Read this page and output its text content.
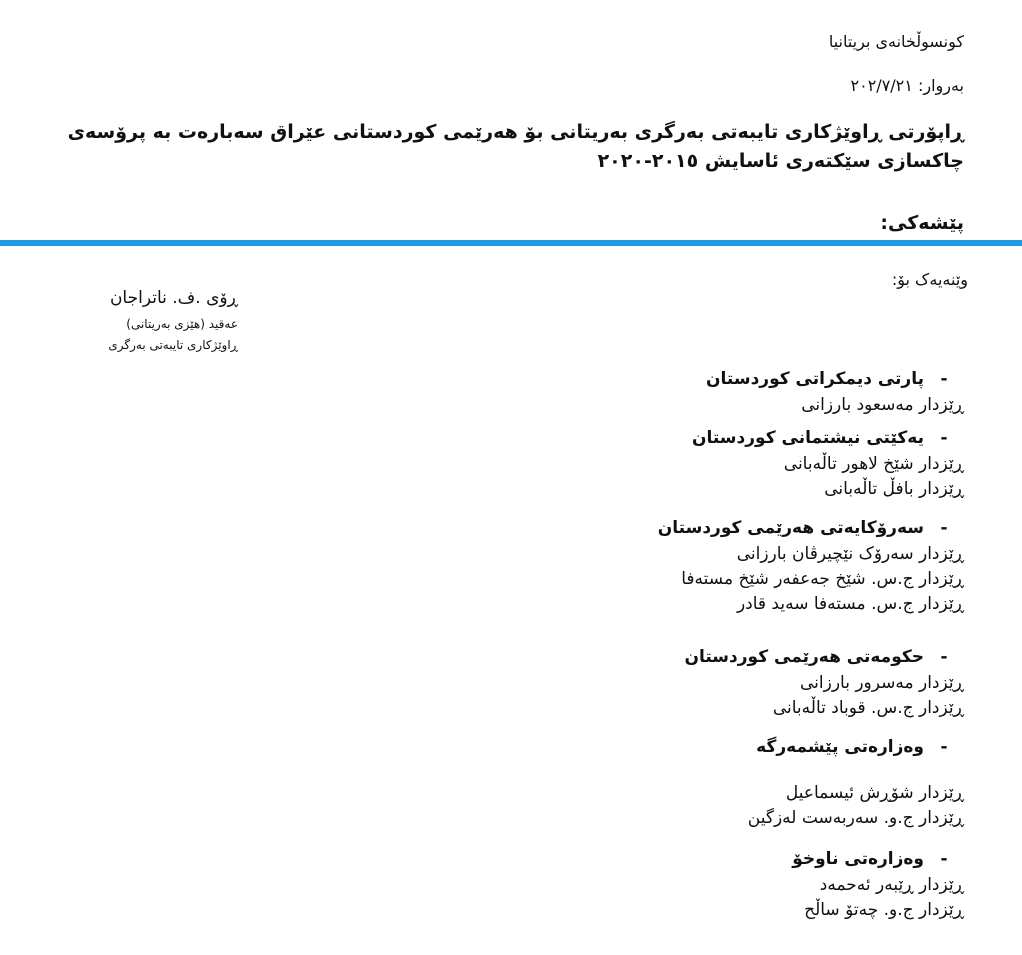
کونسوڵخانەی بریتانیا
بەروار: ٢٠٢/٧/٢١
ڕاپۆرتی ڕاوێژکاری تایبەتی بەرگری بەریتانی بۆ هەرێمی کوردستانی عێراق سەبارەت بە پرۆسەی چاکسازی سێکتەری ئاسایش ٢٠١٥-٢٠٢٠
پێشەکی:
وێنەیەک بۆ:
ڕۆی .ف. ناتراجان
عەقید (هێزی بەریتانی)
ڕاوێژکاری تایبەتی بەرگری
-پارتی دیمکراتی کوردستان
ڕێزدار مەسعود بارزانی
-یەکێتی نیشتمانی کوردستان
ڕێزدار شێخ لاهور تاڵەبانی
ڕێزدار بافڵ تاڵەبانی
-سەرۆکایەتی هەرێمی کوردستان
ڕێزدار سەرۆک نێچیرڤان بارزانی
ڕێزدار ج.س. شێخ جەعفەر شێخ مستەفا
ڕێزدار ج.س. مستەفا سەید قادر
-حکومەتی هەرێمی کوردستان
ڕێزدار مەسرور بارزانی
ڕێزدار ج.س. قوباد تاڵەبانی
-وەزارەتی پێشمەرگە
ڕێزدار شۆڕش ئیسماعیل
ڕێزدار ج.و. سەربەست لەزگین
-وەزارەتی ناوخۆ
ڕێزدار ڕێبەر ئەحمەد
ڕێزدار ج.و. چەتۆ ساڵح
